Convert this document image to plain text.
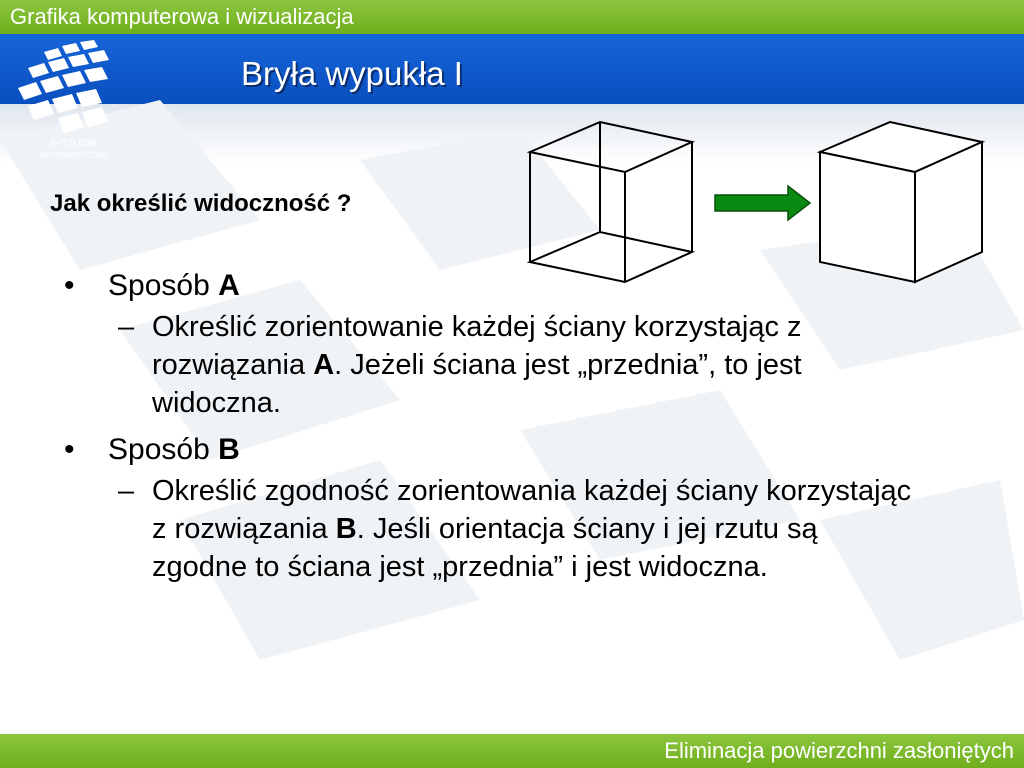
Grafika komputerowa i wizualizacja
E-STUDIA
INFORMATYCZNE
Bryła wypukła I
Jak określić widoczność ?
• Sposób A
– Określić zorientowanie każdej ściany korzystając z rozwiązania A. Jeżeli ściana jest „przednia”, to jest widoczna.
• Sposób B
– Określić zgodność zorientowania każdej ściany korzystając z rozwiązania B. Jeśli orientacja ściany i jej rzutu są zgodne to ściana jest „przednia” i jest widoczna.
Eliminacja powierzchni zasłoniętych
